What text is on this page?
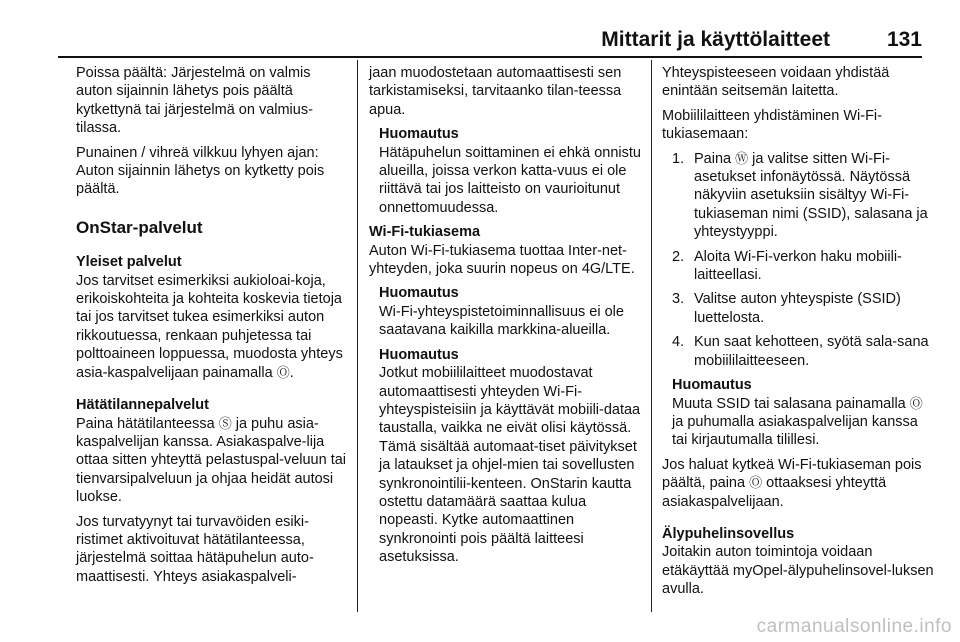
Mittarit ja käyttölaitteet	131

Poissa päältä: Järjestelmä on valmis auton sijainnin lähetys pois päältä kytkettynä tai järjestelmä on valmius-tilassa.

Punainen / vihreä vilkkuu lyhyen ajan: Auton sijainnin lähetys on kytketty pois päältä.

OnStar-palvelut
Yleiset palvelut

Jos tarvitset esimerkiksi aukioloai-koja, erikoiskohteita ja kohteita koskevia tietoja tai jos tarvitset tukea esimerkiksi auton rikkoutuessa, renkaan puhjetessa tai polttoaineen loppuessa, muodosta yhteys asia-kaspalvelijaan painamalla Ⓞ.

Hätätilannepalvelut

Paina hätätilanteessa Ⓢ ja puhu asia-kaspalvelijan kanssa. Asiakaspalve-lija ottaa sitten yhteyttä pelastuspal-veluun tai tienvarsipalveluun ja ohjaa heidät autosi luokse.

Jos turvatyynyt tai turvavöiden esiki-ristimet aktivoituvat hätätilanteessa, järjestelmä soittaa hätäpuhelun auto-maattisesti. Yhteys asiakaspalveli-

jaan muodostetaan automaattisesti sen tarkistamiseksi, tarvitaanko tilan-teessa apua.

Huomautus
Hätäpuhelun soittaminen ei ehkä onnistu alueilla, joissa verkon katta-vuus ei ole riittävä tai jos laitteisto on vaurioitunut onnettomuudessa.
Wi-Fi-tukiasema

Auton Wi-Fi-tukiasema tuottaa Inter-net-yhteyden, joka suurin nopeus on 4G/LTE.

Huomautus
Wi-Fi-yhteyspistetoiminnallisuus ei ole saatavana kaikilla markkina-alueilla.
Huomautus
Jotkut mobiililaitteet muodostavat automaattisesti yhteyden Wi-Fi-yhteyspisteisiin ja käyttävät mobiili-dataa taustalla, vaikka ne eivät olisi käytössä. Tämä sisältää automaat-tiset päivitykset ja lataukset ja ohjel-mien tai sovellusten synkronointilii-kenteen. OnStarin kautta ostettu datamäärä saattaa kulua nopeasti. Kytke automaattinen synkronointi pois päältä laitteesi asetuksissa.

Yhteyspisteeseen voidaan yhdistää enintään seitsemän laitetta.

Mobiililaitteen yhdistäminen Wi-Fi-tukiasemaan:

1. Paina Ⓦ ja valitse sitten Wi-Fi-asetukset infonäytössä. Näytössä näkyviin asetuksiin sisältyy Wi-Fi-tukiaseman nimi (SSID), salasana ja yhteystyyppi.
2. Aloita Wi-Fi-verkon haku mobiili-laitteellasi.
3. Valitse auton yhteyspiste (SSID) luettelosta.
4. Kun saat kehotteen, syötä sala-sana mobiililaitteeseen.
Huomautus
Muuta SSID tai salasana painamalla Ⓞ ja puhumalla asiakaspalvelijan kanssa tai kirjautumalla tilillesi.

Jos haluat kytkeä Wi-Fi-tukiaseman pois päältä, paina Ⓞ ottaaksesi yhteyttä asiakaspalvelijaan.

Älypuhelinsovellus

Joitakin auton toimintoja voidaan etäkäyttää myOpel-älypuhelinsovel-luksen avulla.

carmanualsonline.info
